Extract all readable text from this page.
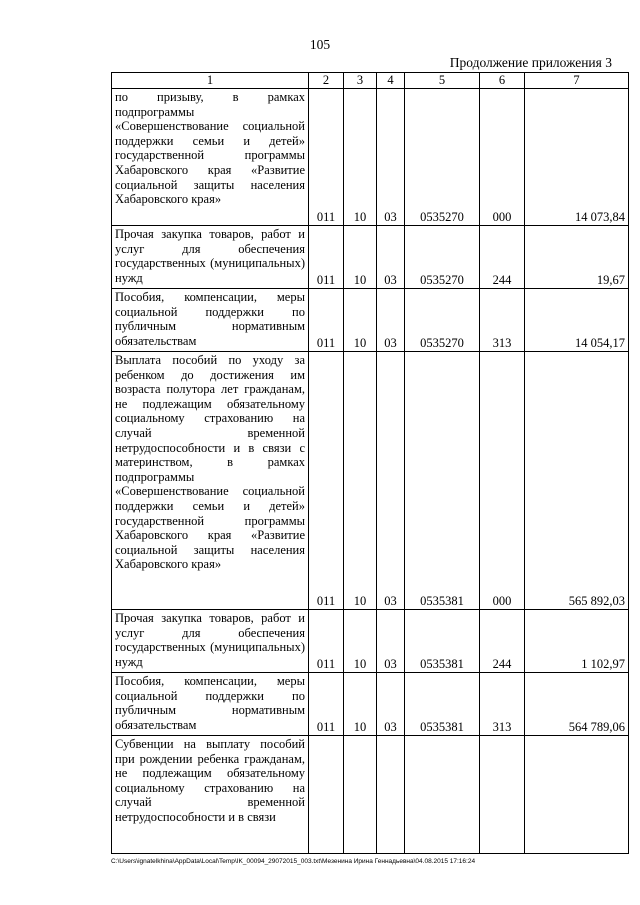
105
Продолжение приложения 3
1	2	3	4	5	6	7
по призыву, в рамках подпрограммы «Совершенствование социальной поддержки семьи и детей» государственной программы Хабаровского края «Развитие социальной защиты населения Хабаровского края»	011	10	03	0535270	000	14 073,84
Прочая закупка товаров, работ и услуг для обеспечения государственных (муниципальных) нужд	011	10	03	0535270	244	19,67
Пособия, компенсации, меры социальной поддержки по публичным нормативным обязательствам	011	10	03	0535270	313	14 054,17
Выплата пособий по уходу за ребенком до достижения им возраста полутора лет гражданам, не подлежащим обязательному социальному страхованию на случай временной нетрудоспособности и в связи с материнством, в рамках подпрограммы «Совершенствование социальной поддержки семьи и детей» государственной программы Хабаровского края «Развитие социальной защиты населения Хабаровского края»	011	10	03	0535381	000	565 892,03
Прочая закупка товаров, работ и услуг для обеспечения государственных (муниципальных) нужд	011	10	03	0535381	244	1 102,97
Пособия, компенсации, меры социальной поддержки по публичным нормативным обязательствам	011	10	03	0535381	313	564 789,06
Субвенции на выплату пособий при рождении ребенка гражданам, не подлежащим обязательному социальному страхованию на случай временной нетрудоспособности и в связи						
C:\Users\ignatelkhina\AppData\Local\Temp\IK_00094_29072015_003.txt\Мезенина Ирина Геннадьевна\04.08.2015 17:16:24
